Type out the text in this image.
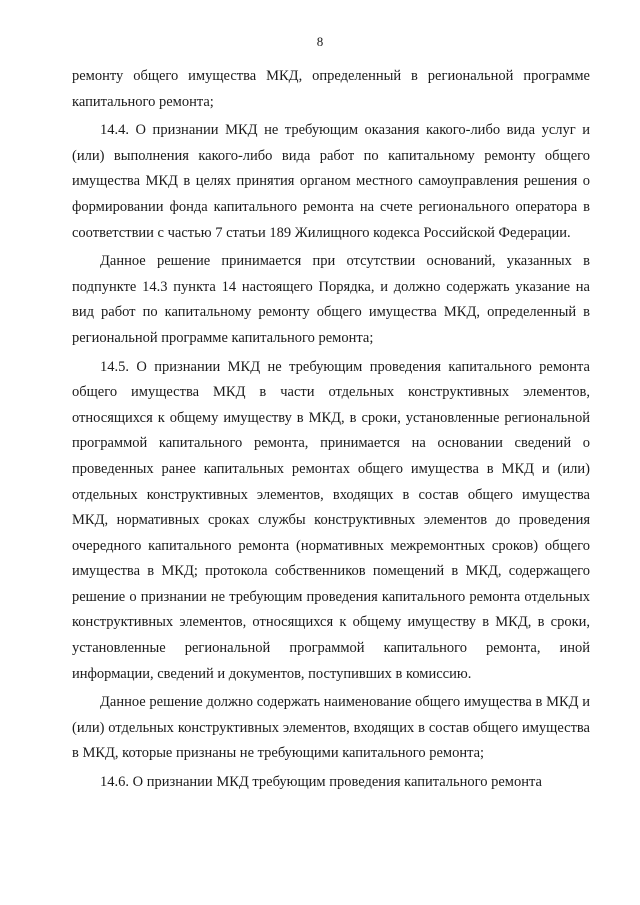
8

ремонту общего имущества МКД, определенный в региональной программе капитального ремонта;

14.4. О признании МКД не требующим оказания какого-либо вида услуг и (или) выполнения какого-либо вида работ по капитальному ремонту общего имущества МКД в целях принятия органом местного самоуправления решения о формировании фонда капитального ремонта на счете регионального оператора в соответствии с частью 7 статьи 189 Жилищного кодекса Российской Федерации.

Данное решение принимается при отсутствии оснований, указанных в подпункте 14.3 пункта 14 настоящего Порядка, и должно содержать указание на вид работ по капитальному ремонту общего имущества МКД, определенный в региональной программе капитального ремонта;

14.5. О признании МКД не требующим проведения капитального ремонта общего имущества МКД в части отдельных конструктивных элементов, относящихся к общему имуществу в МКД, в сроки, установленные региональной программой капитального ремонта, принимается на основании сведений о проведенных ранее капитальных ремонтах общего имущества в МКД и (или) отдельных конструктивных элементов, входящих в состав общего имущества МКД, нормативных сроках службы конструктивных элементов до проведения очередного капитального ремонта (нормативных межремонтных сроков) общего имущества в МКД; протокола собственников помещений в МКД, содержащего решение о признании не требующим проведения капитального ремонта отдельных конструктивных элементов, относящихся к общему имуществу в МКД, в сроки, установленные региональной программой капитального ремонта, иной информации, сведений и документов, поступивших в комиссию.

Данное решение должно содержать наименование общего имущества в МКД и (или) отдельных конструктивных элементов, входящих в состав общего имущества в МКД, которые признаны не требующими капитального ремонта;

14.6. О признании МКД требующим проведения капитального ремонта
